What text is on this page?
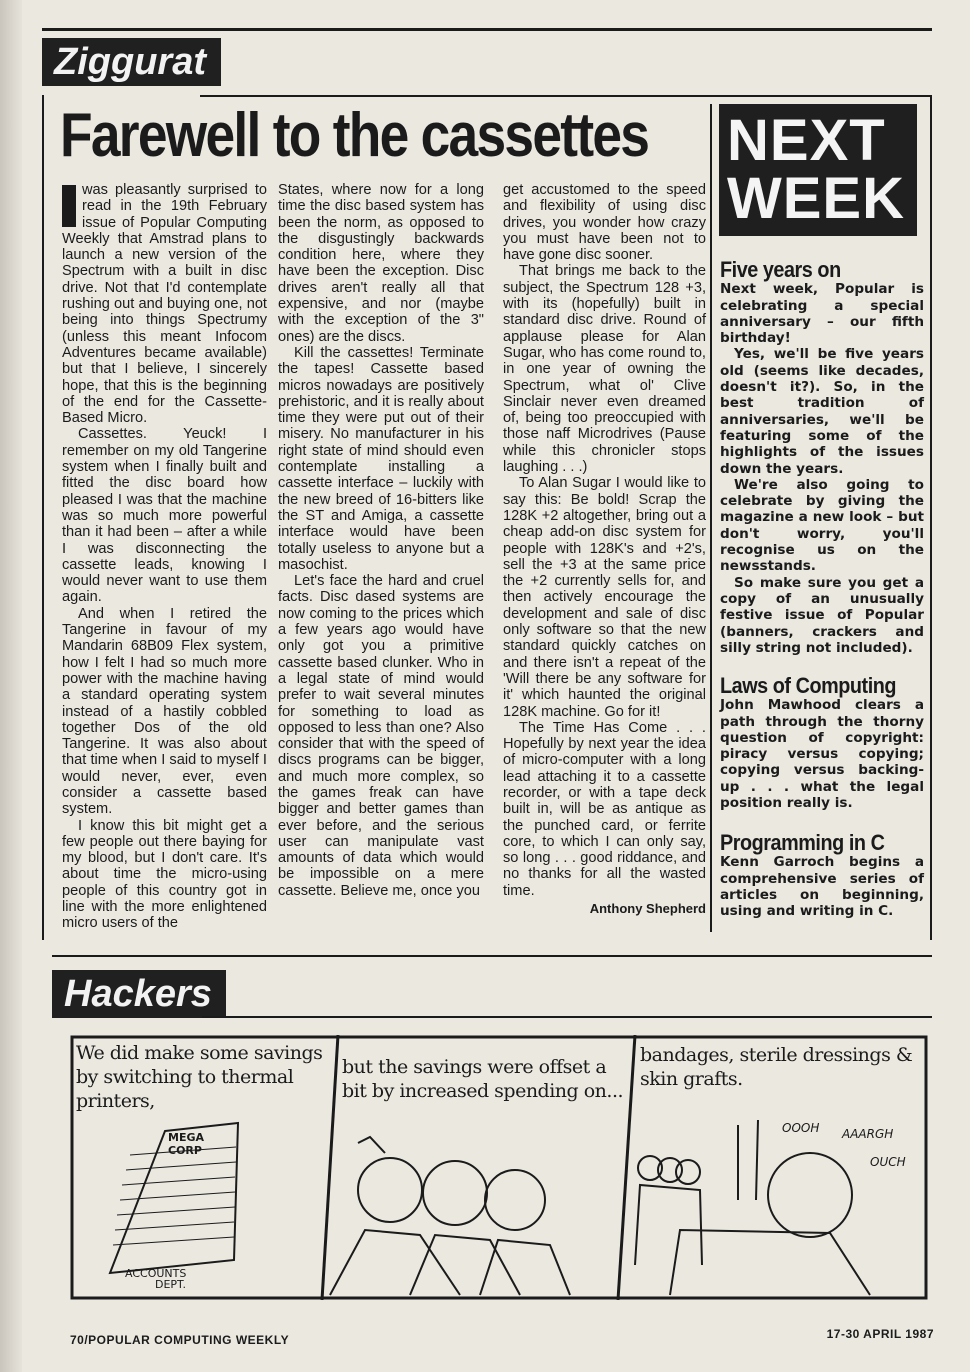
Ziggurat
Farewell to the cassettes

was pleasantly surprised to read in the 19th February issue of Popular Computing Weekly that Amstrad plans to launch a new version of the Spectrum with a built in disc drive. Not that I'd contemplate rushing out and buying one, not being into things Spectrumy (unless this meant Infocom Adventures became available) but that I believe, I sincerely hope, that this is the beginning of the end for the Cassette-Based Micro.

Cassettes. Yeuck! I remember on my old Tangerine system when I finally built and fitted the disc board how pleased I was that the machine was so much more powerful than it had been – after a while I was disconnecting the cassette leads, knowing I would never want to use them again.

And when I retired the Tangerine in favour of my Mandarin 68B09 Flex system, how I felt I had so much more power with the machine having a standard operating system instead of a hastily cobbled together Dos of the old Tangerine. It was also about that time when I said to myself I would never, ever, even consider a cassette based system.

I know this bit might get a few people out there baying for my blood, but I don't care. It's about time the micro-using people of this country got in line with the more enlightened micro users of the

States, where now for a long time the disc based system has been the norm, as opposed to the disgustingly backwards condition here, where they have been the exception. Disc drives aren't really all that expensive, and nor (maybe with the exception of the 3" ones) are the discs.

Kill the cassettes! Terminate the tapes! Cassette based micros nowadays are positively prehistoric, and it is really about time they were put out of their misery. No manufacturer in his right state of mind should even contemplate installing a cassette interface – luckily with the new breed of 16-bitters like the ST and Amiga, a cassette interface would have been totally useless to anyone but a masochist.

Let's face the hard and cruel facts. Disc dased systems are now coming to the prices which a few years ago would have only got you a primitive cassette based clunker. Who in a legal state of mind would prefer to wait several minutes for something to load as opposed to less than one? Also consider that with the speed of discs programs can be bigger, and much more complex, so the games freak can have bigger and better games than ever before, and the serious user can manipulate vast amounts of data which would be impossible on a mere cassette. Believe me, once you

get accustomed to the speed and flexibility of using disc drives, you wonder how crazy you must have been not to have gone disc sooner.

That brings me back to the subject, the Spectrum 128 +3, with its (hopefully) built in standard disc drive. Round of applause please for Alan Sugar, who has come round to, in one year of owning the Spectrum, what ol' Clive Sinclair never even dreamed of, being too preoccupied with those naff Microdrives (Pause while this chronicler stops laughing . . .)

To Alan Sugar I would like to say this: Be bold! Scrap the 128K +2 altogether, bring out a cheap add-on disc system for people with 128K's and +2's, sell the +3 at the same price the +2 currently sells for, and then actively encourage the development and sale of disc only software so that the new standard quickly catches on and there isn't a repeat of the 'Will there be any software for it' which haunted the original 128K machine. Go for it!

The Time Has Come . . . Hopefully by next year the idea of micro-computer with a long lead attaching it to a cassette recorder, or with a tape deck built in, will be as antique as the punched card, or ferrite core, to which I can only say, so long . . . good riddance, and no thanks for all the wasted time.

Anthony Shepherd
NEXT
WEEK
Five years on

Next week, Popular is celebrating a special anniversary – our fifth birthday!

Yes, we'll be five years old (seems like decades, doesn't it?). So, in the best tradition of anniversaries, we'll be featuring some of the highlights of the issues down the years.

We're also going to celebrate by giving the magazine a new look – but don't worry, you'll recognise us on the newsstands.

So make sure you get a copy of an unusually festive issue of Popular (banners, crackers and silly string not included).

Laws of Computing

John Mawhood clears a path through the thorny question of copyright: piracy versus copying; copying versus backing-up . . . what the legal position really is.

Programming in C

Kenn Garroch begins a comprehensive series of articles on beginning, using and writing in C.

Hackers
We did make some savings by switching to thermal printers,
MEGA CORP
ACCOUNTS
DEPT.
but the savings were offset a bit by increased spending on...
bandages, sterile dressings & skin grafts.
OOOH AAARGH
OUCH
70/POPULAR COMPUTING WEEKLY	17-30 APRIL 1987
